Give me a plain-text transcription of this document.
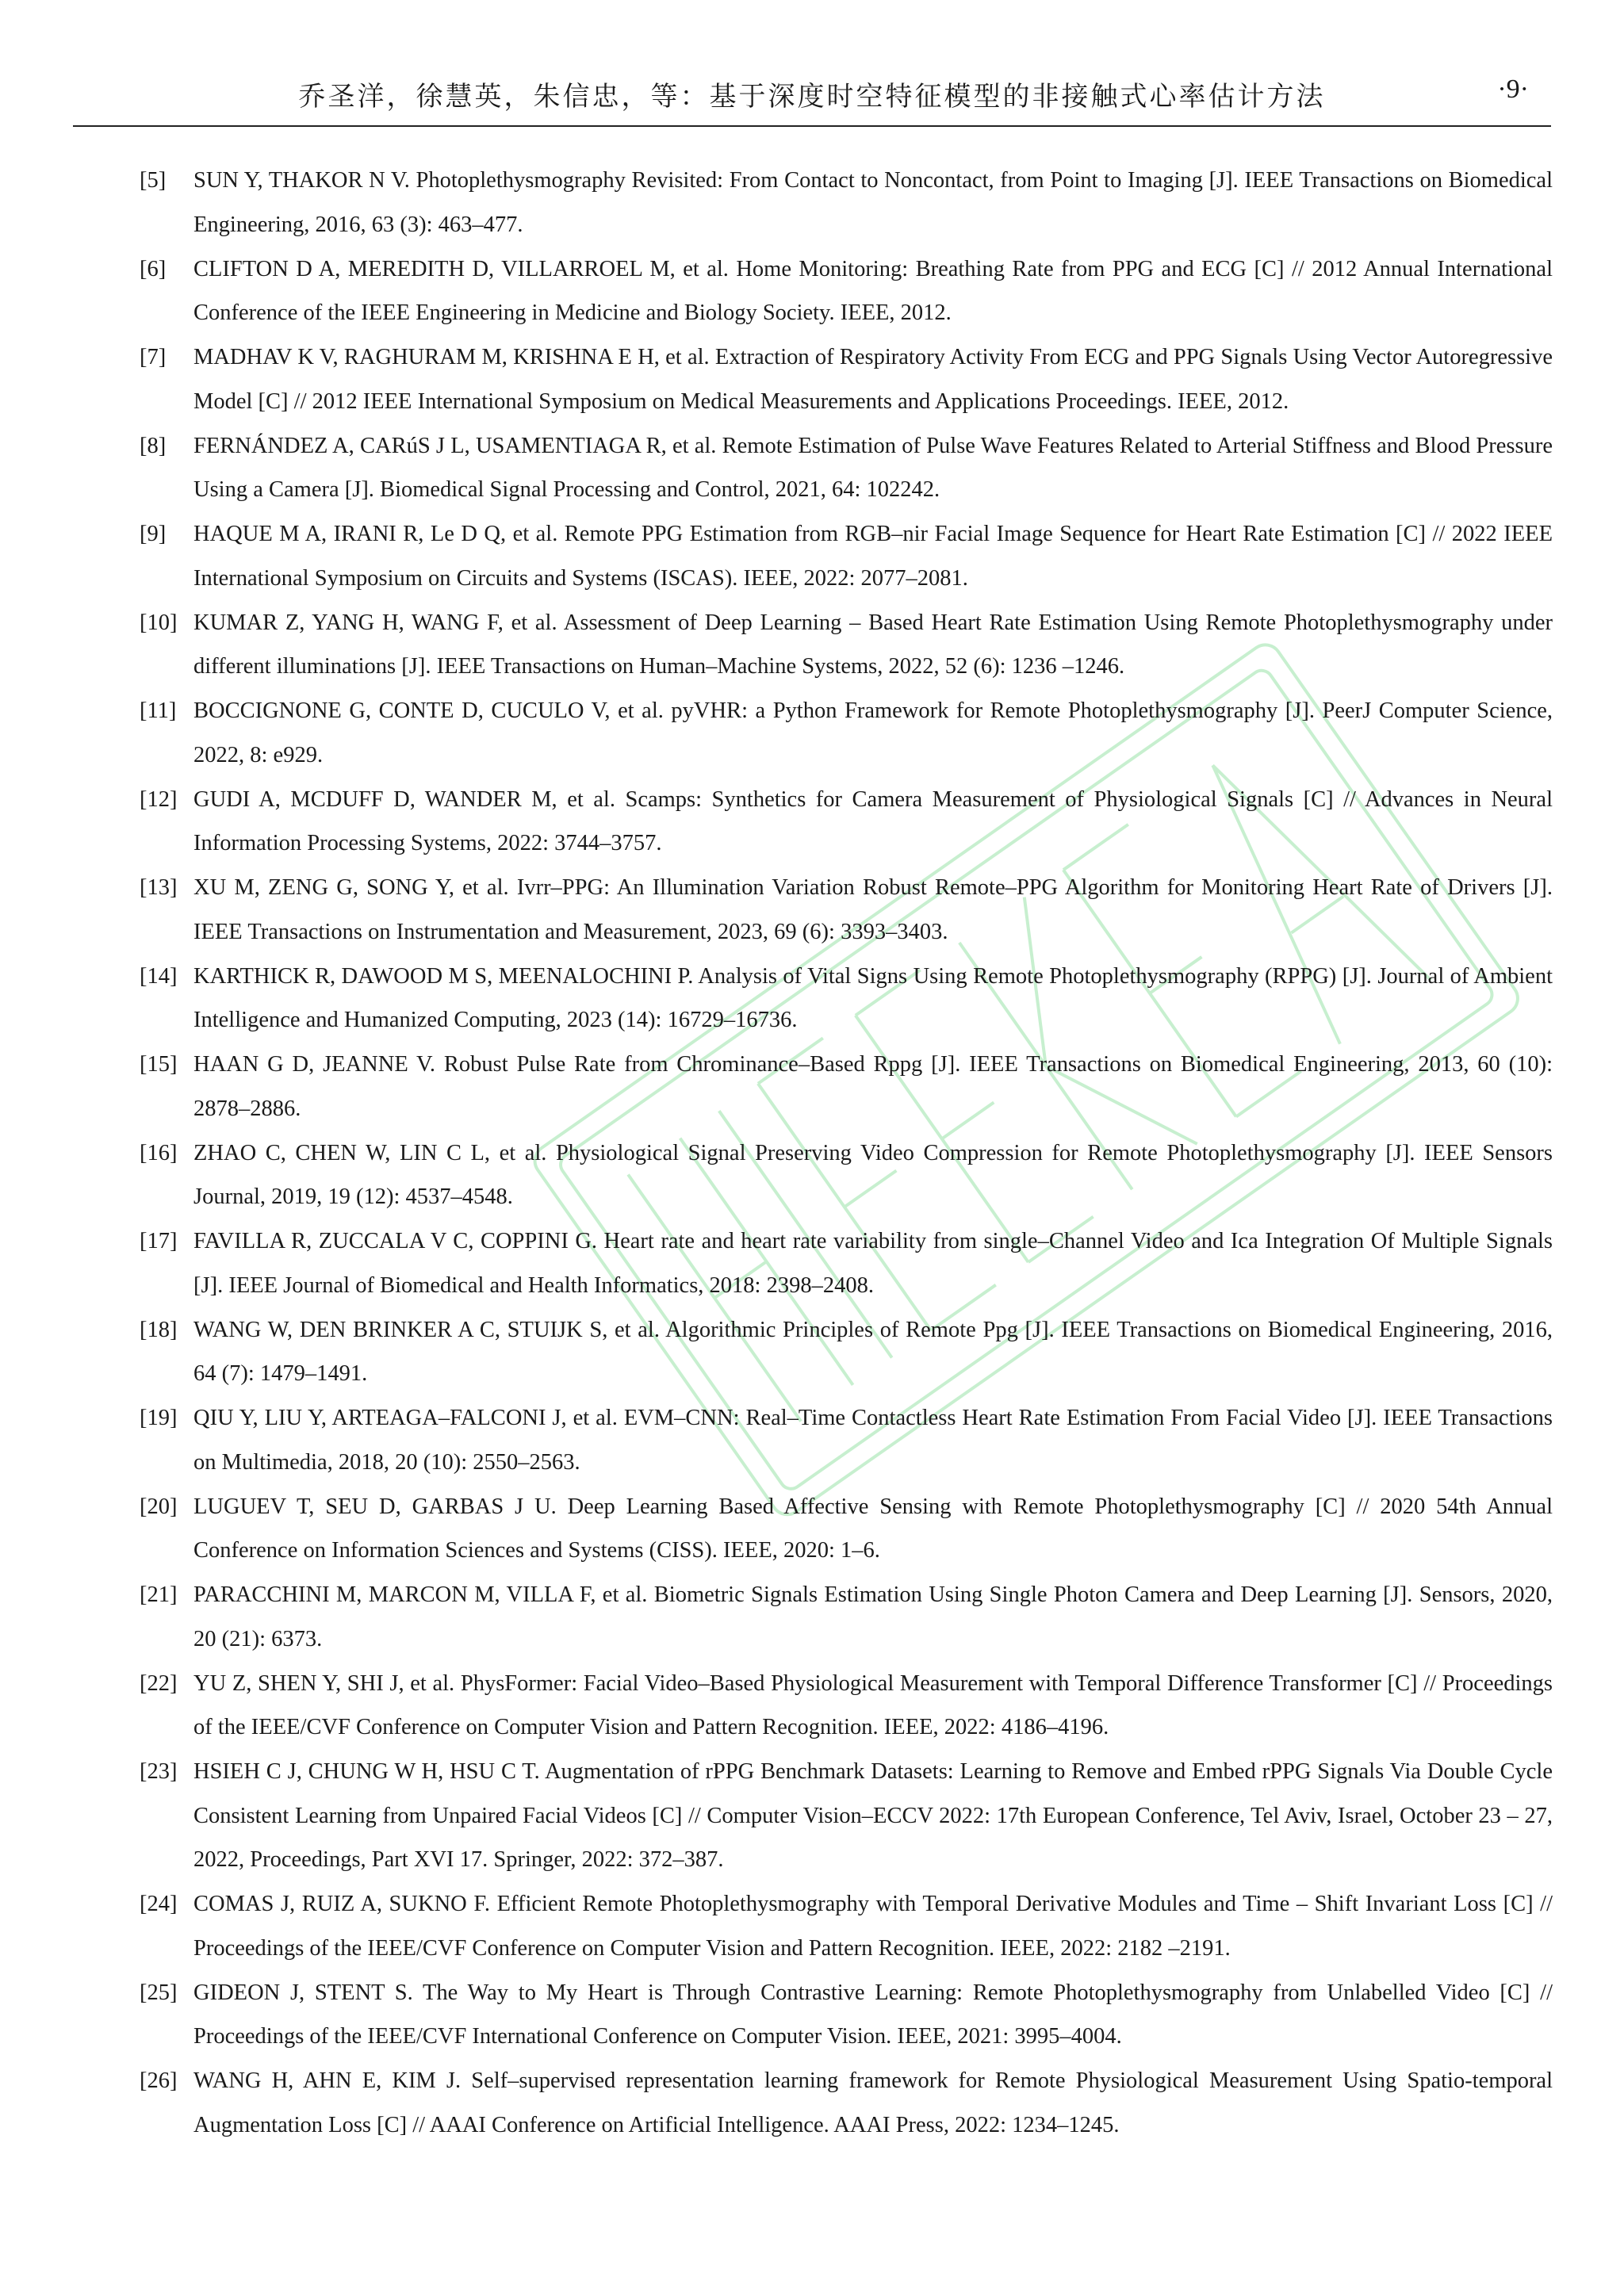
乔圣洋，徐慧英，朱信忠，等：基于深度时空特征模型的非接触式心率估计方法	·9·
[5] SUN Y, THAKOR N V. Photoplethysmography Revisited: From Contact to Noncontact, from Point to Imaging [J]. IEEE Transactions on Biomedical Engineering, 2016, 63 (3): 463–477.
[6] CLIFTON D A, MEREDITH D, VILLARROEL M, et al. Home Monitoring: Breathing Rate from PPG and ECG [C] // 2012 Annual International Conference of the IEEE Engineering in Medicine and Biology Society. IEEE, 2012.
[7] MADHAV K V, RAGHURAM M, KRISHNA E H, et al. Extraction of Respiratory Activity From ECG and PPG Signals Using Vector Autoregressive Model [C] // 2012 IEEE International Symposium on Medical Measurements and Applications Proceedings. IEEE, 2012.
[8] FERNÁNDEZ A, CARúS J L, USAMENTIAGA R, et al. Remote Estimation of Pulse Wave Features Related to Arterial Stiffness and Blood Pressure Using a Camera [J]. Biomedical Signal Processing and Control, 2021, 64: 102242.
[9] HAQUE M A, IRANI R, Le D Q, et al. Remote PPG Estimation from RGB–nir Facial Image Sequence for Heart Rate Estimation [C] // 2022 IEEE International Symposium on Circuits and Systems (ISCAS). IEEE, 2022: 2077–2081.
[10] KUMAR Z, YANG H, WANG F, et al. Assessment of Deep Learning – Based Heart Rate Estimation Using Remote Photoplethysmography under different illuminations [J]. IEEE Transactions on Human–Machine Systems, 2022, 52 (6): 1236 –1246.
[11] BOCCIGNONE G, CONTE D, CUCULO V, et al. pyVHR: a Python Framework for Remote Photoplethysmography [J]. PeerJ Computer Science, 2022, 8: e929.
[12] GUDI A, MCDUFF D, WANDER M, et al. Scamps: Synthetics for Camera Measurement of Physiological Signals [C] // Advances in Neural Information Processing Systems, 2022: 3744–3757.
[13] XU M, ZENG G, SONG Y, et al. Ivrr–PPG: An Illumination Variation Robust Remote–PPG Algorithm for Monitoring Heart Rate of Drivers [J]. IEEE Transactions on Instrumentation and Measurement, 2023, 69 (6): 3393–3403.
[14] KARTHICK R, DAWOOD M S, MEENALOCHINI P. Analysis of Vital Signs Using Remote Photoplethysmography (RPPG) [J]. Journal of Ambient Intelligence and Humanized Computing, 2023 (14): 16729–16736.
[15] HAAN G D, JEANNE V. Robust Pulse Rate from Chrominance–Based Rppg [J]. IEEE Transactions on Biomedical Engineering, 2013, 60 (10): 2878–2886.
[16] ZHAO C, CHEN W, LIN C L, et al. Physiological Signal Preserving Video Compression for Remote Photoplethysmography [J]. IEEE Sensors Journal, 2019, 19 (12): 4537–4548.
[17] FAVILLA R, ZUCCALA V C, COPPINI G. Heart rate and heart rate variability from single–Channel Video and Ica Integration Of Multiple Signals [J]. IEEE Journal of Biomedical and Health Informatics, 2018: 2398–2408.
[18] WANG W, DEN BRINKER A C, STUIJK S, et al. Algorithmic Principles of Remote Ppg [J]. IEEE Transactions on Biomedical Engineering, 2016, 64 (7): 1479–1491.
[19] QIU Y, LIU Y, ARTEAGA–FALCONI J, et al. EVM–CNN: Real–Time Contactless Heart Rate Estimation From Facial Video [J]. IEEE Transactions on Multimedia, 2018, 20 (10): 2550–2563.
[20] LUGUEV T, SEU D, GARBAS J U. Deep Learning Based Affective Sensing with Remote Photoplethysmography [C] // 2020 54th Annual Conference on Information Sciences and Systems (CISS). IEEE, 2020: 1–6.
[21] PARACCHINI M, MARCON M, VILLA F, et al. Biometric Signals Estimation Using Single Photon Camera and Deep Learning [J]. Sensors, 2020, 20 (21): 6373.
[22] YU Z, SHEN Y, SHI J, et al. PhysFormer: Facial Video–Based Physiological Measurement with Temporal Difference Transformer [C] // Proceedings of the IEEE/CVF Conference on Computer Vision and Pattern Recognition. IEEE, 2022: 4186–4196.
[23] HSIEH C J, CHUNG W H, HSU C T. Augmentation of rPPG Benchmark Datasets: Learning to Remove and Embed rPPG Signals Via Double Cycle Consistent Learning from Unpaired Facial Videos [C] // Computer Vision–ECCV 2022: 17th European Conference, Tel Aviv, Israel, October 23 – 27, 2022, Proceedings, Part XVI 17. Springer, 2022: 372–387.
[24] COMAS J, RUIZ A, SUKNO F. Efficient Remote Photoplethysmography with Temporal Derivative Modules and Time – Shift Invariant Loss [C] // Proceedings of the IEEE/CVF Conference on Computer Vision and Pattern Recognition. IEEE, 2022: 2182 –2191.
[25] GIDEON J, STENT S. The Way to My Heart is Through Contrastive Learning: Remote Photoplethysmography from Unlabelled Video [C] // Proceedings of the IEEE/CVF International Conference on Computer Vision. IEEE, 2021: 3995–4004.
[26] WANG H, AHN E, KIM J. Self–supervised representation learning framework for Remote Physiological Measurement Using Spatio-temporal Augmentation Loss [C] // AAAI Conference on Artificial Intelligence. AAAI Press, 2022: 1234–1245.
